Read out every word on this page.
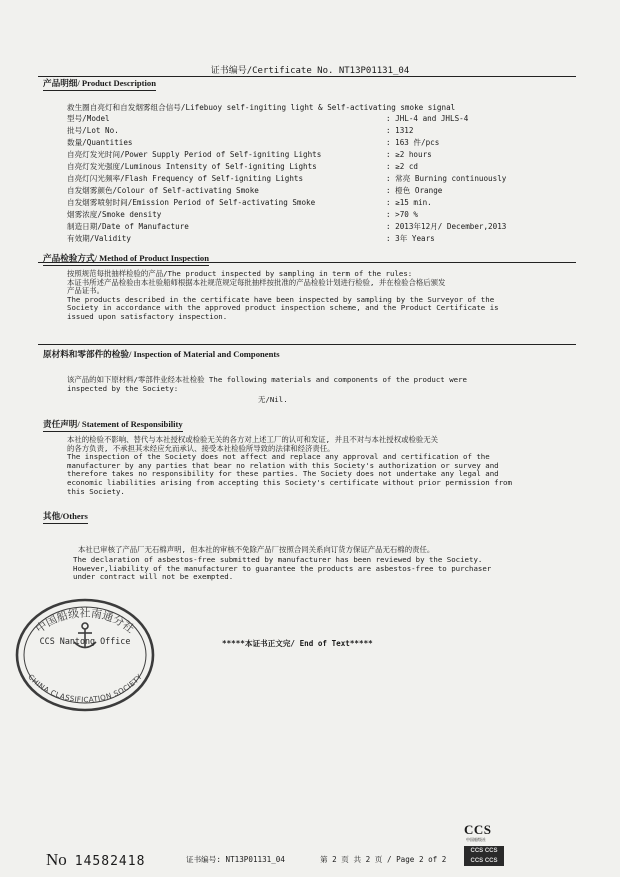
证书编号/Certificate No. NT13P01131_04
产品明细/ Product Description
救生圈自亮灯和自发烟雾组合信号/Lifebuoy self-ingiting light & Self-activating smoke signal
型号/Model	: JHL-4 and JHLS-4
批号/Lot No.	: 1312
数量/Quantities	: 163 件/pcs
自亮灯发光时间/Power Supply Period of Self-igniting Lights	: ≥2 hours
自亮灯发光强度/Luminous Intensity of Self-igniting Lights	: ≥2 cd
自亮灯闪光频率/Flash Frequency of Self-igniting Lights	: 常亮 Burning continuously
自发烟雾颜色/Colour of Self-activating Smoke	: 橙色 Orange
自发烟雾喷射时间/Emission Period of Self-activating Smoke	: ≥15 min.
烟雾浓度/Smoke density	: >70 %
制造日期/Date of Manufacture	: 2013年12月/ December,2013
有效期/Validity	: 3年 Years
产品检验方式/ Method of Product Inspection
按照规范每批抽样检验的产品/The product inspected by sampling in term of the rules:
本证书所述产品检验由本社验船师根据本社规范规定每批抽样按批准的产品检验计划进行检验, 并在检验合格后颁发
产品证书。
The products described in the certificate have been inspected by sampling by the Surveyor of the
Society in accordance with the approved product inspection scheme, and the Product Certificate is
issued upon satisfactory inspection.
原材料和零部件的检验/ Inspection of Material and Components
该产品的如下原材料/零部件业经本社检验 The following materials and components of the product were
inspected by the Society:
无/Nil.
责任声明/ Statement of Responsibility
本社的检验不影响、替代与本社授权或检验无关的各方对上述工厂的认可和发证, 并且不对与本社授权或检验无关
的各方负责, 不承担其未经应允而承认、接受本社检验所导致的法律和经济责任。
The inspection of the Society does not affect and replace any approval and certification of the
manufacturer by any parties that bear no relation with this Society's authorization or survey and
therefore takes no responsibility for these parties. The Society does not undertake any legal and
economic liabilities arising from accepting this Society's certificate without prior permission from
this Society.
其他/Others
本社已审核了产品厂无石棉声明, 但本社的审核不免除产品厂按照合同关系向订货方保证产品无石棉的责任。
The declaration of asbestos-free submitted by manufacturer has been reviewed by the Society.
However,liability of the manufacturer to guarantee the products are asbestos-free to purchaser
under contract will not be exempted.
中国船级社南通分社
CHINA CLASSIFICATION SOCIETY
CCS Nantong Office	*****本证书正文完/ End of Text*****
CCS
中国船级社
CCS CCS
CCS CCS
No 14582418	证书编号: NT13P01131_04	第 2 页 共 2 页 / Page 2 of 2
